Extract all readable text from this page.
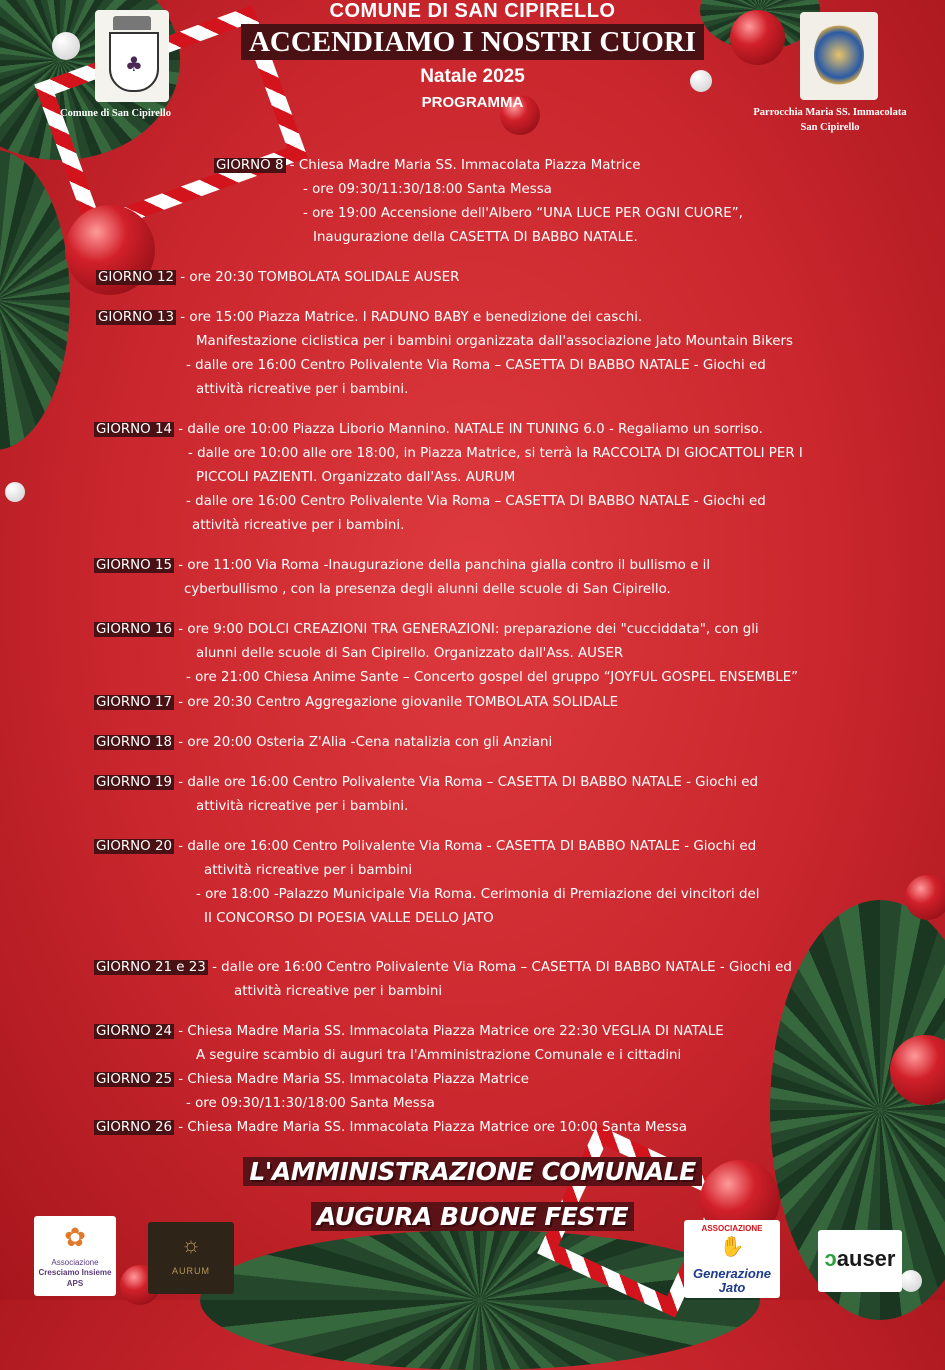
♣
Comune di San Cipirello	Parrocchia Maria SS. Immacolata
San Cipirello
COMUNE DI SAN CIPIRELLO
ACCENDIAMO I NOSTRI CUORI
Natale 2025
PROGRAMMA
GIORNO 8 - Chiesa Madre Maria SS. Immacolata Piazza Matrice
- ore 09:30/11:30/18:00 Santa Messa
- ore 19:00 Accensione dell'Albero “UNA LUCE PER OGNI CUORE”,
Inaugurazione della CASETTA DI BABBO NATALE.
GIORNO 12 - ore 20:30 TOMBOLATA SOLIDALE AUSER
GIORNO 13 - ore 15:00 Piazza Matrice. I RADUNO BABY e benedizione dei caschi.
Manifestazione ciclistica per i bambini organizzata dall'associazione Jato Mountain Bikers
- dalle ore 16:00 Centro Polivalente Via Roma – CASETTA DI BABBO NATALE - Giochi ed
attività ricreative per i bambini.
GIORNO 14 - dalle ore 10:00 Piazza Liborio Mannino. NATALE IN TUNING 6.0 - Regaliamo un sorriso.
- dalle ore 10:00 alle ore 18:00, in Piazza Matrice, si terrà la RACCOLTA DI GIOCATTOLI PER I
PICCOLI PAZIENTI. Organizzato dall'Ass. AURUM
- dalle ore 16:00 Centro Polivalente Via Roma – CASETTA DI BABBO NATALE - Giochi ed
attività ricreative per i bambini.
GIORNO 15 - ore 11:00 Via Roma -Inaugurazione della panchina gialla contro il bullismo e il
cyberbullismo , con la presenza degli alunni delle scuole di San Cipirello.
GIORNO 16 - ore 9:00 DOLCI CREAZIONI TRA GENERAZIONI: preparazione dei "cucciddata", con gli
alunni delle scuole di San Cipirello. Organizzato dall'Ass. AUSER
- ore 21:00 Chiesa Anime Sante – Concerto gospel del gruppo “JOYFUL GOSPEL ENSEMBLE”
GIORNO 17 - ore 20:30 Centro Aggregazione giovanile TOMBOLATA SOLIDALE
GIORNO 18 - ore 20:00 Osteria Z'Alia -Cena natalizia con gli Anziani
GIORNO 19 - dalle ore 16:00 Centro Polivalente Via Roma – CASETTA DI BABBO NATALE - Giochi ed
attività ricreative per i bambini.
GIORNO 20 - dalle ore 16:00 Centro Polivalente Via Roma - CASETTA DI BABBO NATALE - Giochi ed
attività ricreative per i bambini
- ore 18:00 -Palazzo Municipale Via Roma. Cerimonia di Premiazione dei vincitori del
II CONCORSO DI POESIA VALLE DELLO JATO
GIORNO 21 e 23 - dalle ore 16:00 Centro Polivalente Via Roma – CASETTA DI BABBO NATALE - Giochi ed
attività ricreative per i bambini
GIORNO 24 - Chiesa Madre Maria SS. Immacolata Piazza Matrice ore 22:30 VEGLIA DI NATALE
A seguire scambio di auguri tra l'Amministrazione Comunale e i cittadini
GIORNO 25 - Chiesa Madre Maria SS. Immacolata Piazza Matrice
- ore 09:30/11:30/18:00 Santa Messa
GIORNO 26 - Chiesa Madre Maria SS. Immacolata Piazza Matrice ore 10:00 Santa Messa
L'AMMINISTRAZIONE COMUNALE
AUGURA BUONE FESTE
✿
Associazione
Cresciamo Insieme
APS
☼
AURUM
ASSOCIAZIONE
✋
Generazione
Jato
ↄauser
